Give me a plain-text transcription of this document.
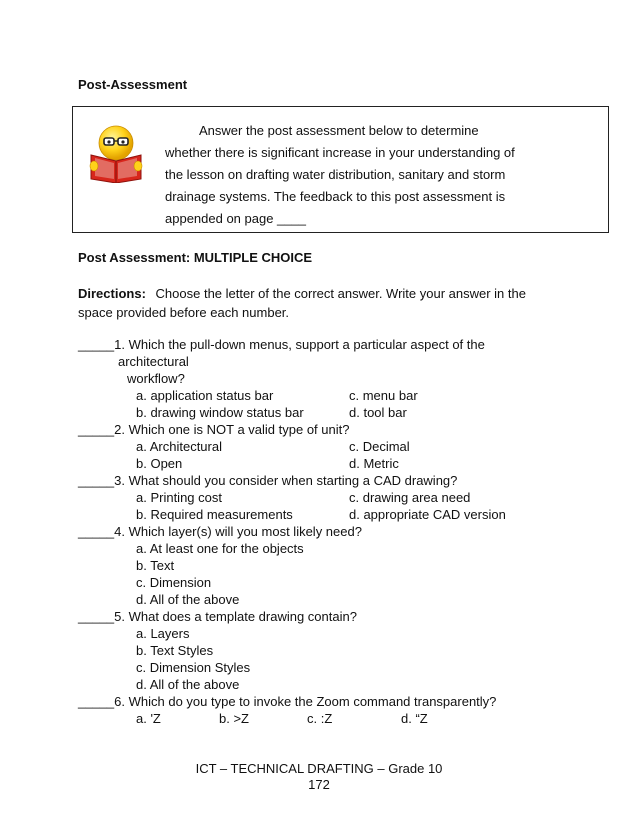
Post-Assessment
Answer the post assessment below to determine
whether there is significant increase in your understanding of
the lesson on drafting water distribution, sanitary and storm
drainage systems. The feedback to this post assessment is
appended on page ____
Post Assessment: MULTIPLE CHOICE
Directions: Choose the letter of the correct answer. Write your answer in the
space provided before each number.
_____1. Which the pull-down menus, support a particular aspect of the
architectural
workflow?
a. application status bar	c. menu bar
b. drawing window status bar	d. tool bar
_____2. Which one is NOT a valid type of unit?
a. Architectural	c. Decimal
b. Open	d. Metric
_____3. What should you consider when starting a CAD drawing?
a. Printing cost	c. drawing area need
b. Required measurements	d. appropriate CAD version
_____4. Which layer(s) will you most likely need?
a. At least one for the objects
b. Text
c. Dimension
d. All of the above
_____5. What does a template drawing contain?
a. Layers
b. Text Styles
c. Dimension Styles
d. All of the above
_____6. Which do you type to invoke the Zoom command transparently?
a. 'Z	b. >Z	c. :Z	d. “Z
ICT – TECHNICAL DRAFTING – Grade 10
172
